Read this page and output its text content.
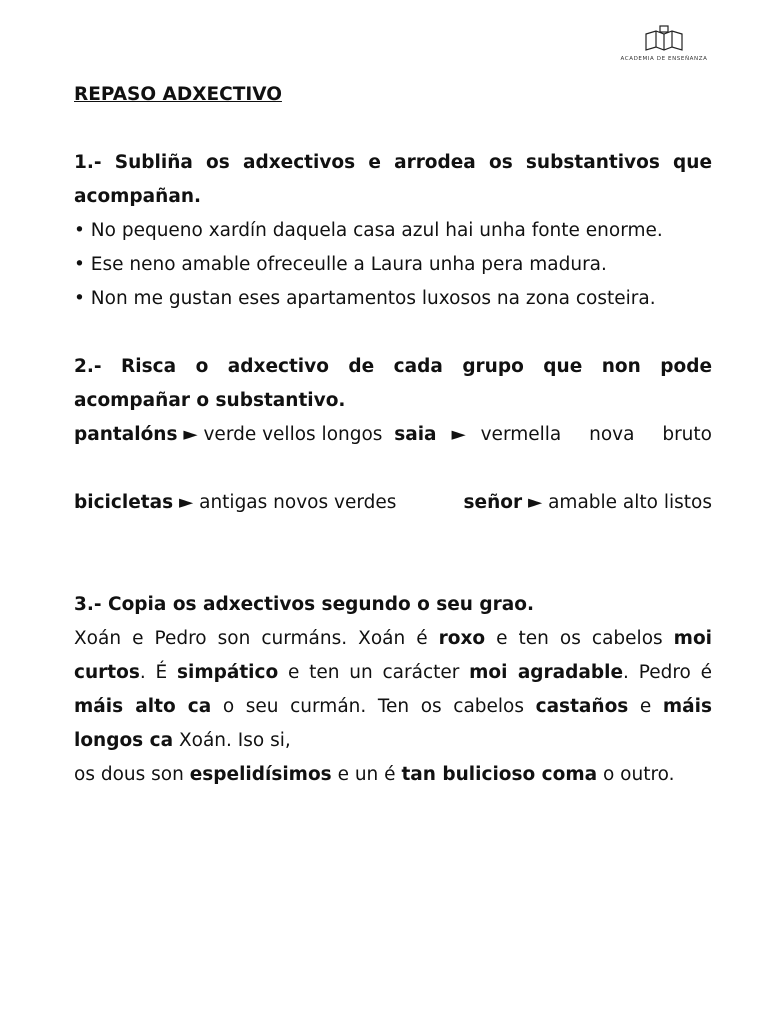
ACADEMIA DE ENSEÑANZA

REPASO ADXECTIVO

1.- Subliña os adxectivos e arrodea os substantivos que acompañan.

• No pequeno xardín daquela casa azul hai unha fonte enorme.

• Ese neno amable ofreceulle a Laura unha pera madura.

• Non me gustan eses apartamentos luxosos na zona costeira.

2.- Risca o adxectivo de cada grupo que non pode acompañar o substantivo.

pantalóns ► verde vellos longos saia ► vermella nova bruto
bicicletas ► antigas novos verdes	señor ► amable alto listos

3.- Copia os adxectivos segundo o seu grao.

Xoán e Pedro son curmáns. Xoán é roxo e ten os cabelos moi curtos. É simpático e ten un carácter moi agradable. Pedro é máis alto ca o seu curmán. Ten os cabelos castaños e máis longos ca Xoán. Iso si,

os dous son espelidísimos e un é tan bulicioso coma o outro.
